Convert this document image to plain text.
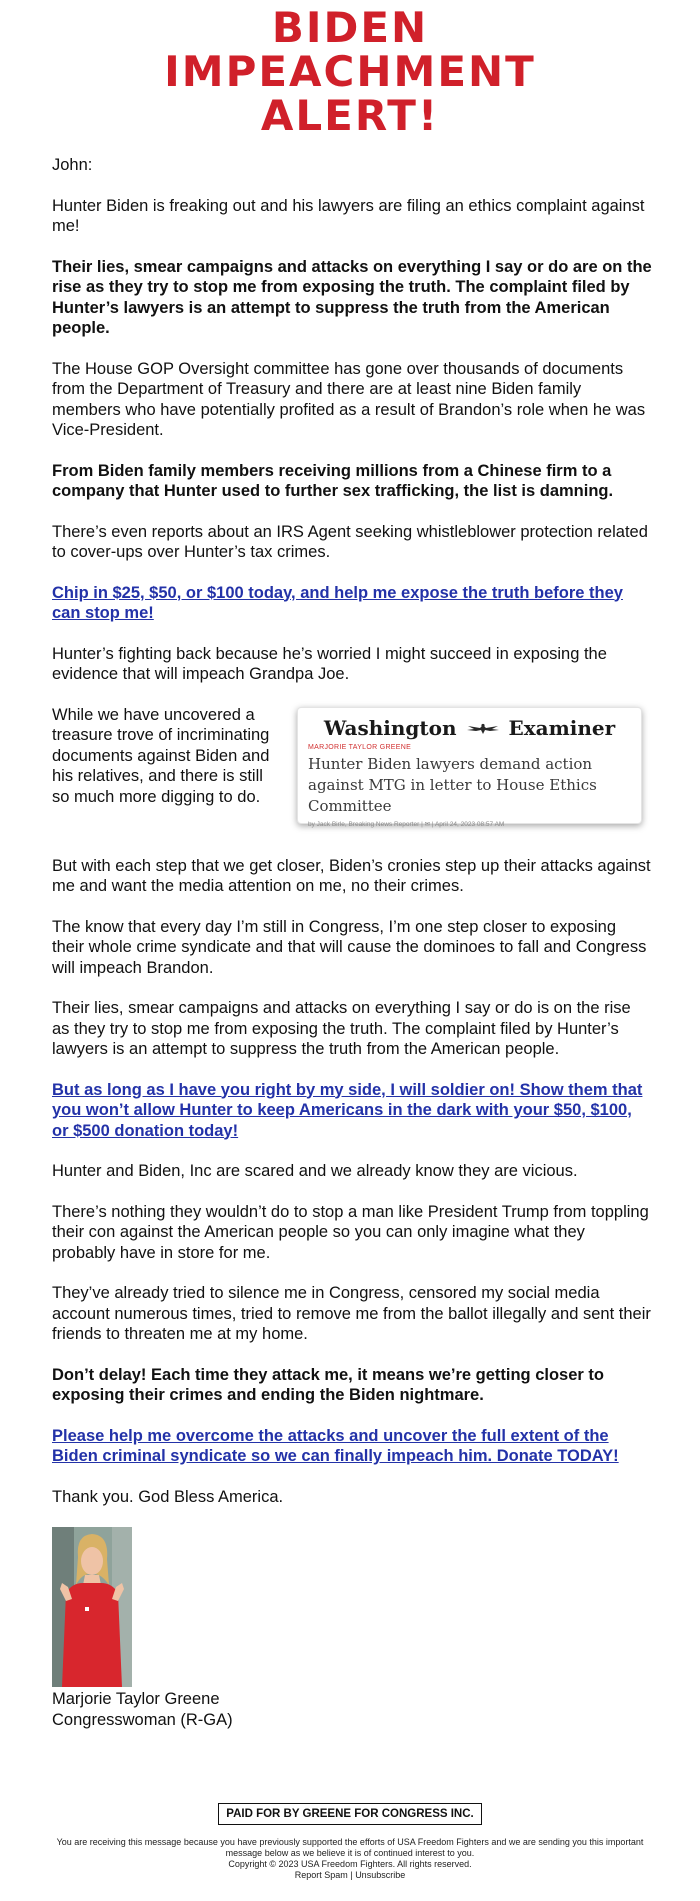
BIDEN
IMPEACHMENT
ALERT!

John:

Hunter Biden is freaking out and his lawyers are filing an ethics complaint against me!

Their lies, smear campaigns and attacks on everything I say or do are on the rise as they try to stop me from exposing the truth. The complaint filed by Hunter’s lawyers is an attempt to suppress the truth from the American people.

The House GOP Oversight committee has gone over thousands of documents from the Department of Treasury and there are at least nine Biden family members who have potentially profited as a result of Brandon’s role when he was Vice-President.

From Biden family members receiving millions from a Chinese firm to a company that Hunter used to further sex trafficking, the list is damning.

There’s even reports about an IRS Agent seeking whistleblower protection related to cover-ups over Hunter’s tax crimes.

Chip in $25, $50, or $100 today, and help me expose the truth before they can stop me!

Hunter’s fighting back because he’s worried I might succeed in exposing the evidence that will impeach Grandpa Joe.

While we have uncovered a treasure trove of incriminating documents against Biden and his relatives, and there is still so much more digging to do.
Washington	Examiner
MARJORIE TAYLOR GREENE
Hunter Biden lawyers demand action against MTG in letter to House Ethics Committee
by Jack Birle, Breaking News Reporter | ✉ | April 24, 2023 08:57 AM

But with each step that we get closer, Biden’s cronies step up their attacks against me and want the media attention on me, no their crimes.

The know that every day I’m still in Congress, I’m one step closer to exposing their whole crime syndicate and that will cause the dominoes to fall and Congress will impeach Brandon.

Their lies, smear campaigns and attacks on everything I say or do is on the rise as they try to stop me from exposing the truth. The complaint filed by Hunter’s lawyers is an attempt to suppress the truth from the American people.

But as long as I have you right by my side, I will soldier on! Show them that you won’t allow Hunter to keep Americans in the dark with your $50, $100, or $500 donation today!

Hunter and Biden, Inc are scared and we already know they are vicious.

There’s nothing they wouldn’t do to stop a man like President Trump from toppling their con against the American people so you can only imagine what they probably have in store for me.

They’ve already tried to silence me in Congress, censored my social media account numerous times, tried to remove me from the ballot illegally and sent their friends to threaten me at my home.

Don’t delay! Each time they attack me, it means we’re getting closer to exposing their crimes and ending the Biden nightmare.

Please help me overcome the attacks and uncover the full extent of the Biden criminal syndicate so we can finally impeach him. Donate TODAY!

Thank you. God Bless America.

Marjorie Taylor Greene
Congresswoman (R-GA)
PAID FOR BY GREENE FOR CONGRESS INC.
You are receiving this message because you have previously supported the efforts of USA Freedom Fighters and we are sending you this important message below as we believe it is of continued interest to you.
Copyright © 2023 USA Freedom Fighters. All rights reserved.
Report Spam | Unsubscribe
